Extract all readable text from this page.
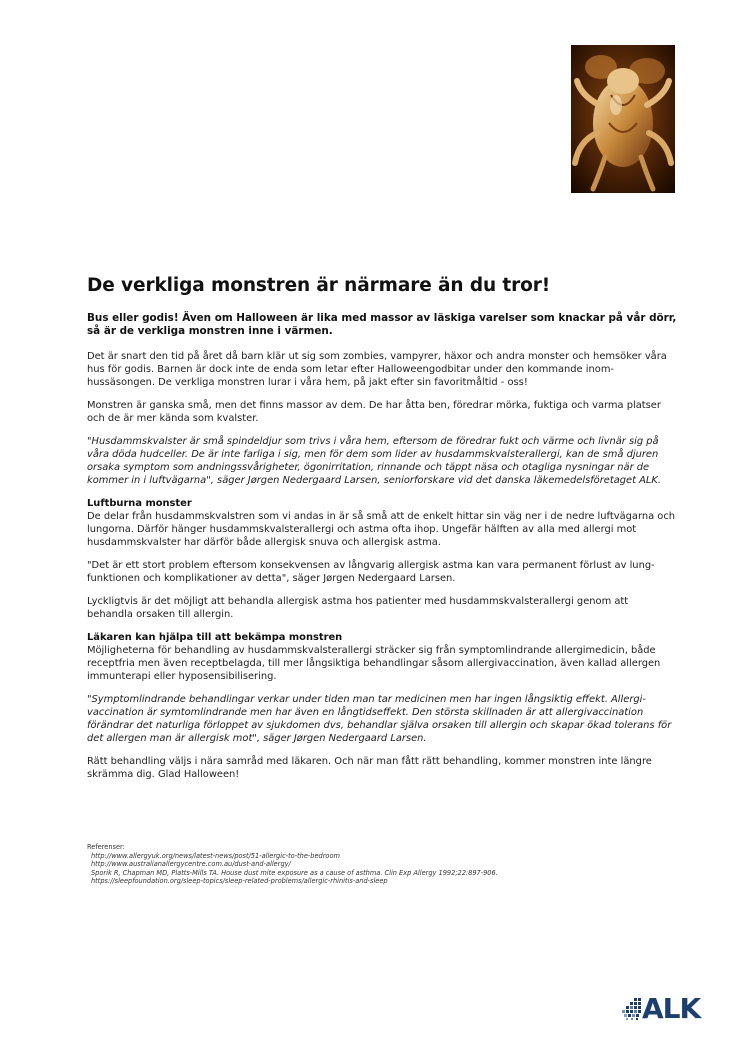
De verkliga monstren är närmare än du tror!

Bus eller godis! Även om Halloween är lika med massor av läskiga varelser som knackar på vår dörr, så är de verkliga monstren inne i värmen.

Det är snart den tid på året då barn klär ut sig som zombies, vampyrer, häxor och andra monster och hemsöker våra hus för godis. Barnen är dock inte de enda som letar efter Halloweengodbitar under den kommande inom-hussäsongen. De verkliga monstren lurar i våra hem, på jakt efter sin favoritmåltid - oss!

Monstren är ganska små, men det finns massor av dem. De har åtta ben, föredrar mörka, fuktiga och varma platser och de är mer kända som kvalster.

"Husdammskvalster är små spindeldjur som trivs i våra hem, eftersom de föredrar fukt och värme och livnär sig på våra döda hudceller. De är inte farliga i sig, men för dem som lider av husdammskvalsterallergi, kan de små djuren orsaka symptom som andningssvårigheter, ögonirritation, rinnande och täppt näsa och otagliga nysningar när de kommer in i luftvägarna", säger Jørgen Nedergaard Larsen, seniorforskare vid det danska läkemedelsföretaget ALK.

Luftburna monster

De delar från husdammskvalstren som vi andas in är så små att de enkelt hittar sin väg ner i de nedre luftvägarna och lungorna. Därför hänger husdammskvalsterallergi och astma ofta ihop. Ungefär hälften av alla med allergi mot husdammskvalster har därför både allergisk snuva och allergisk astma.

"Det är ett stort problem eftersom konsekvensen av långvarig allergisk astma kan vara permanent förlust av lung-funktionen och komplikationer av detta", säger Jørgen Nedergaard Larsen.

Lyckligtvis är det möjligt att behandla allergisk astma hos patienter med husdammskvalsterallergi genom att behandla orsaken till allergin.

Läkaren kan hjälpa till att bekämpa monstren

Möjligheterna för behandling av husdammskvalsterallergi sträcker sig från symptomlindrande allergimedicin, både receptfria men även receptbelagda, till mer långsiktiga behandlingar såsom allergivaccination, även kallad allergen immunterapi eller hyposensibilisering.

"Symptomlindrande behandlingar verkar under tiden man tar medicinen men har ingen långsiktig effekt. Allergi-vaccination är symtomlindrande men har även en långtidseffekt. Den största skillnaden är att allergivaccination förändrar det naturliga förloppet av sjukdomen dvs, behandlar själva orsaken till allergin och skapar ökad tolerans för det allergen man är allergisk mot", säger Jørgen Nedergaard Larsen.

Rätt behandling väljs i nära samråd med läkaren. Och när man fått rätt behandling, kommer monstren inte längre skrämma dig. Glad Halloween!

Referenser:
http://www.allergyuk.org/news/latest-news/post/51-allergic-to-the-bedroom
http://www.australianallergycentre.com.au/dust-and-allergy/
Sporik R, Chapman MD, Platts-Mills TA. House dust mite exposure as a cause of asthma. Clin Exp Allergy 1992;22:897-906.
https://sleepfoundation.org/sleep-topics/sleep-related-problems/allergic-rhinitis-and-sleep
ALK
